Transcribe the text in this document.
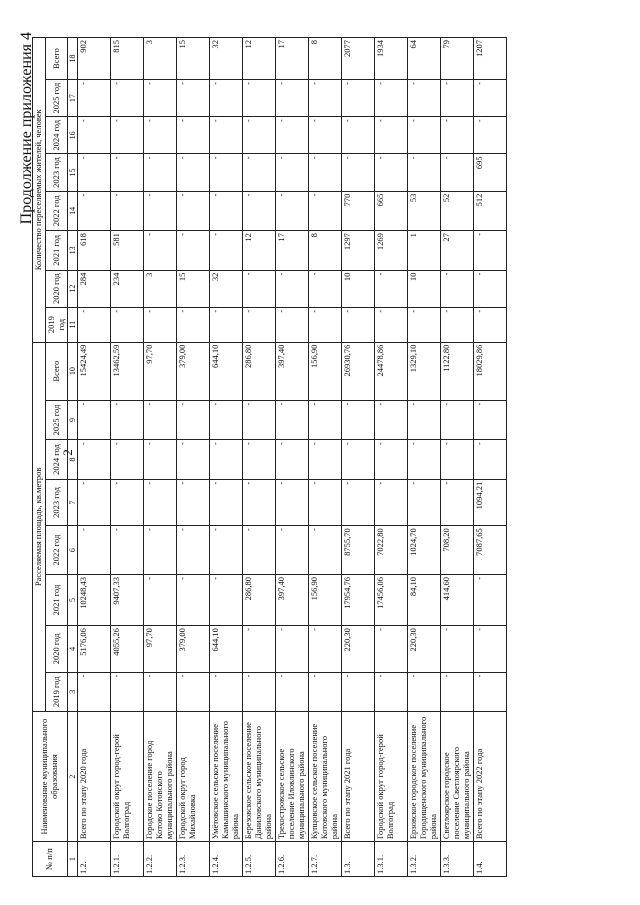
Продолжение приложения 4
2
№ п/п	Наименование муниципального образования	Расселяемая площадь, кв.метров								Количество переселяемых жителей, человек							
		2019 год	2020 год	2021 год	2022 год	2023 год	2024 год	2025 год	Всего	2019 год	2020 год	2021 год	2022 год	2023 год	2024 год	2025 год	Всего
1	2	3	4	5	6	7	8	9	10	11	12	13	14	15	16	17	18
1.2.	Всего по этапу 2020 года	-	5176,06	10248,43	-	-	-	-	15424,49	-	284	618	-	-	-	-	902
1.2.1.	Городской округ город-герой Волгоград	-	4055,26	9407,33	-	-	-	-	13462,59	-	234	581	-	-	-	-	815
1.2.2.	Городское поселение город Котово Котовского муниципального района	-	97,70	-	-	-	-	-	97,70	-	3	-	-	-	-	-	3
1.2.3.	Городской округ город Михайловка	-	379,00	-	-	-	-	-	379,00	-	15	-	-	-	-	-	15
1.2.4.	Умётовское сельское поселение Камышинского муниципального района	-	644,10	-	-	-	-	-	644,10	-	32	-	-	-	-	-	32
1.2.5.	Березовское сельское поселение Даниловского муниципального района	-	-	286,80	-	-	-	-	286,80	-	-	12	-	-	-	-	12
1.2.6.	Трехостровское сельское поселение Иловлинского муниципального района	-	-	397,40	-	-	-	-	397,40	-	-	17	-	-	-	-	17
1.2.7.	Купцовское сельское поселение Котовского муниципального района	-	-	156,90	-	-	-	-	156,90	-	-	8	-	-	-	-	8
1.3.	Всего по этапу 2021 года	-	220,30	17954,76	8755,70	-	-	-	26930,76	-	10	1297	770	-	-	-	2077
1.3.1.	Городской округ город-герой Волгоград	-	-	17456,06	7022,80	-	-	-	24478,86	-	-	1269	665	-	-	-	1934
1.3.2.	Ерзовское городское поселение Городищенского муниципального района	-	220,30	84,10	1024,70	-	-	-	1329,10	-	10	1	53	-	-	-	64
1.3.3.	Светлоярское городское поселение Светлоярского муниципального района	-	-	414,60	708,20	-	-	-	1122,80	-	-	27	52	-	-	-	79
1.4.	Всего по этапу 2022 года	-	-	-	7087,65	1094,21	-	-	18029,86	-	-	-	512	695	-	-	1207
